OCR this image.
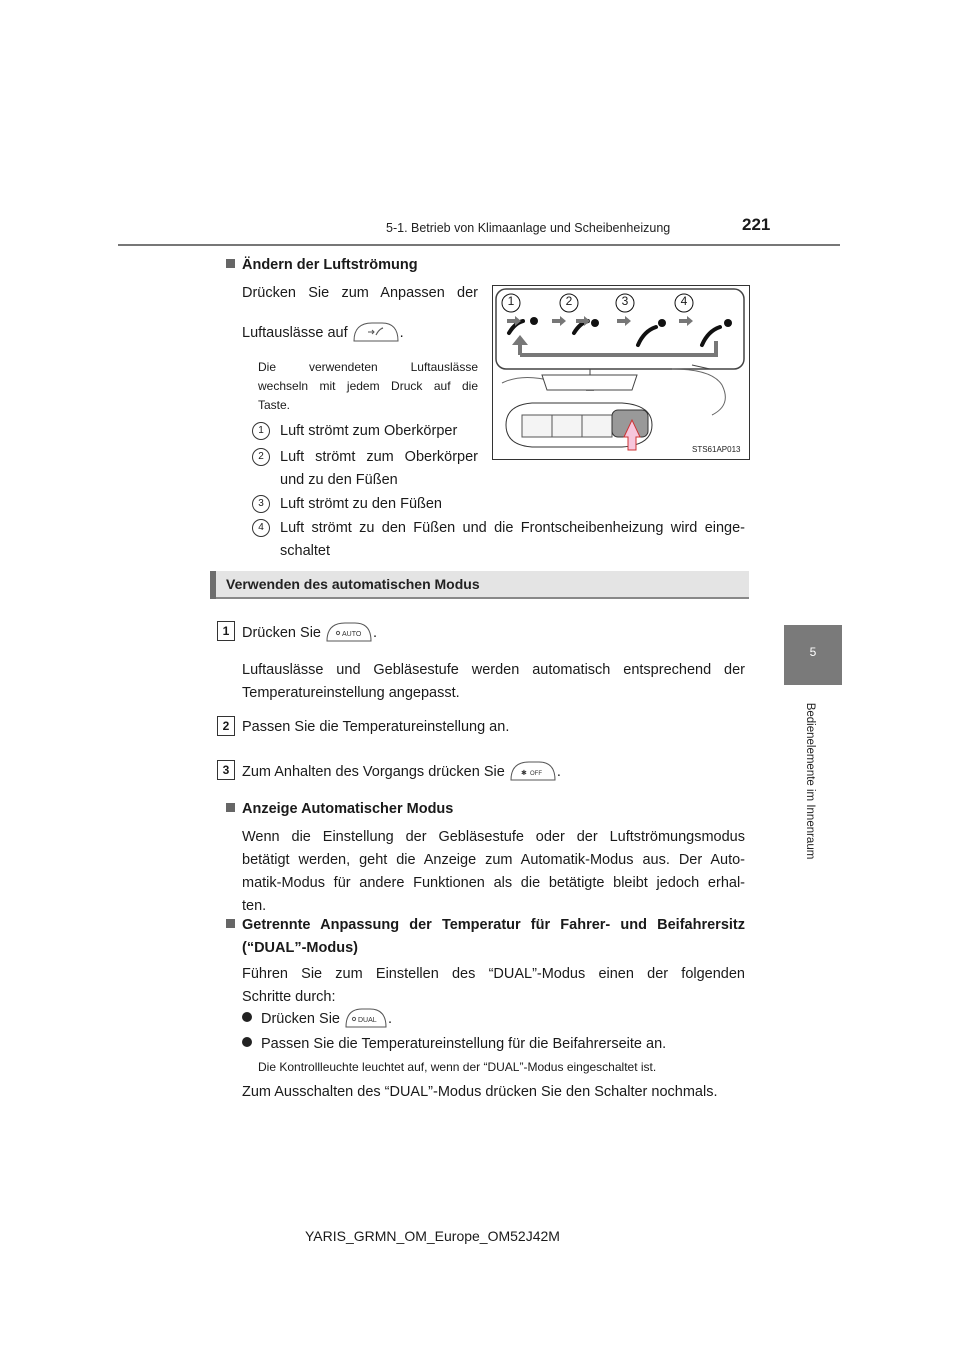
5-1. Betrieb von Klimaanlage und Scheibenheizung	221
5
Bedienelemente im Innenraum
Ändern der Luftströmung
Drücken Sie zum Anpassen der
Luftauslässe auf	.
Die verwendeten Luftauslässe
wechseln mit jedem Druck auf die
Taste.
1	Luft strömt zum Oberkörper
2	Luft strömt zum Oberkörper
und zu den Füßen
3	Luft strömt zu den Füßen
4	Luft strömt zu den Füßen und die Frontscheibenheizung wird einge-
schaltet
1	2	3	4
STS61AP013
Verwenden des automatischen Modus
1 Drücken Sie	AUTO .
Luftauslässe und Gebläsestufe werden automatisch entsprechend der
Temperatureinstellung angepasst.
2 Passen Sie die Temperatureinstellung an.
3 Zum Anhalten des Vorgangs drücken Sie ✱ OFF .
Anzeige Automatischer Modus
Wenn die Einstellung der Gebläsestufe oder der Luftströmungsmodus
betätigt werden, geht die Anzeige zum Automatik-Modus aus. Der Auto-
matik-Modus für andere Funktionen als die betätigte bleibt jedoch erhal-
ten.
Getrennte Anpassung der Temperatur für Fahrer- und Beifahrersitz
(“DUAL”-Modus)
Führen Sie zum Einstellen des “DUAL”-Modus einen der folgenden
Schritte durch:
Drücken Sie	DUAL .
Passen Sie die Temperatureinstellung für die Beifahrerseite an.
Die Kontrollleuchte leuchtet auf, wenn der “DUAL”-Modus eingeschaltet ist.
Zum Ausschalten des “DUAL”-Modus drücken Sie den Schalter nochmals.
YARIS_GRMN_OM_Europe_OM52J42M
